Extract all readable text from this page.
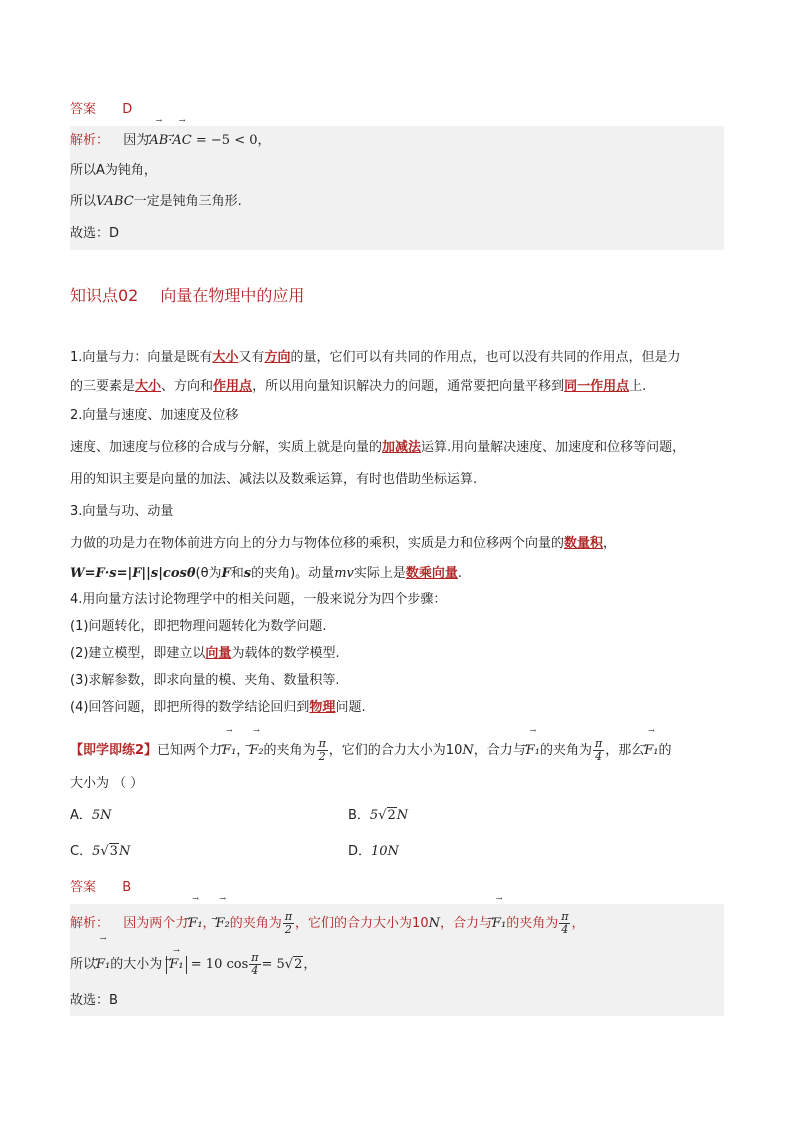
答案 D
解析： 因为
⃗ →
AB·
⃗ →
AC = −5 < 0，
所以A为钝角，
所以VABC一定是钝角三角形.
故选：D
知识点02 向量在物理中的应用
1.向量与力：向量是既有大小又有方向的量，它们可以有共同的作用点，也可以没有共同的作用点，但是力
的三要素是大小、方向和作用点，所以用向量知识解决力的问题，通常要把向量平移到同一作用点上.
2.向量与速度、加速度及位移
速度、加速度与位移的合成与分解，实质上就是向量的加减法运算.用向量解决速度、加速度和位移等问题，
用的知识主要是向量的加法、减法以及数乘运算，有时也借助坐标运算.
3.向量与功、动量
力做的功是力在物体前进方向上的分力与物体位移的乘积，实质是力和位移两个向量的数量积，
W=F·s=|F||s|cosθ(θ为F和s的夹角)。动量mv实际上是数乘向量.
4.用向量方法讨论物理学中的相关问题，一般来说分为四个步骤：
(1)问题转化，即把物理问题转化为数学问题.
(2)建立模型，即建立以向量为载体的数学模型.
(3)求解参数，即求向量的模、夹角、数量积等.
(4)回答问题，即把所得的数学结论回归到物理问题.
【即学即练2】已知两个力
⃗ →
F₁，
⃗ →
F₂的夹角为 $\frac{\pi}{2}$ ，它们的合力大小为10N，合力与
⃗ →
F₁的夹角为 $\frac{\pi}{4}$ ，那么
⃗ →
F₁的
大小为 （ ）
A．5N	B．5√2N
C．5√3N	D．10N
答案 B
解析： 因为两个力
⃗ →
F₁，
⃗ →
F₂的夹角为 $\frac{\pi}{2}$ ，它们的合力大小为10N，合力与
⃗ →
F₁的夹角为 $\frac{\pi}{4}$ ，
所以
⃗ →
F₁的大小为
⃗ →
F₁ = 10 $\cos \frac{\pi}{4} = 5√2$，
故选：B
